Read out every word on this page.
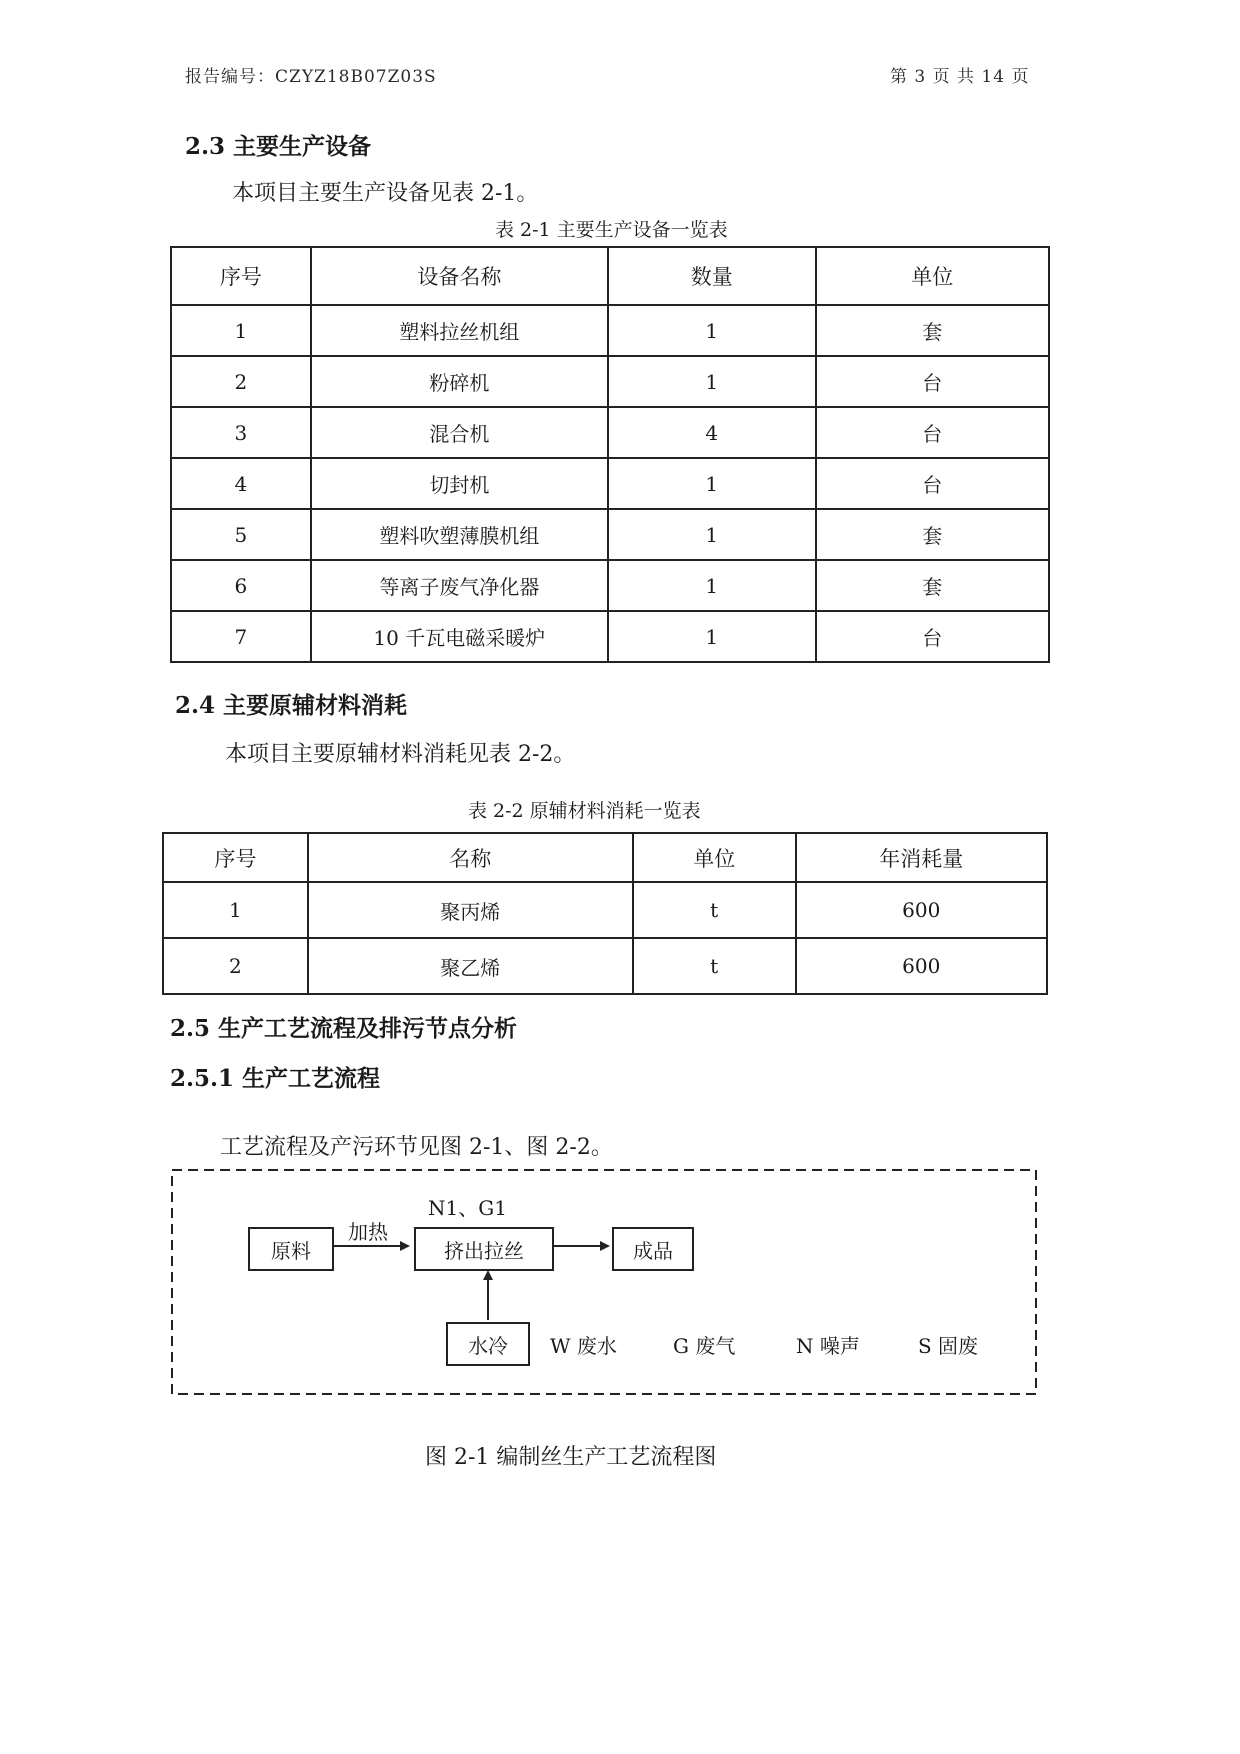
报告编号：CZYZ18B07Z03S	第 3 页 共 14 页
2.3 主要生产设备
本项目主要生产设备见表 2-1。
表 2-1 主要生产设备一览表
序号	设备名称	数量	单位
1	塑料拉丝机组	1	套
2	粉碎机	1	台
3	混合机	4	台
4	切封机	1	台
5	塑料吹塑薄膜机组	1	套
6	等离子废气净化器	1	套
7	10 千瓦电磁采暖炉	1	台
2.4 主要原辅材料消耗
本项目主要原辅材料消耗见表 2-2。
表 2-2 原辅材料消耗一览表
序号	名称	单位	年消耗量
1	聚丙烯	t	600
2	聚乙烯	t	600
2.5 生产工艺流程及排污节点分析
2.5.1 生产工艺流程
工艺流程及产污环节见图 2-1、图 2-2。
原料
加热
N1、G1
挤出拉丝	成品
水冷	W 废水	G 废气	N 噪声	S 固废
图 2-1 编制丝生产工艺流程图
